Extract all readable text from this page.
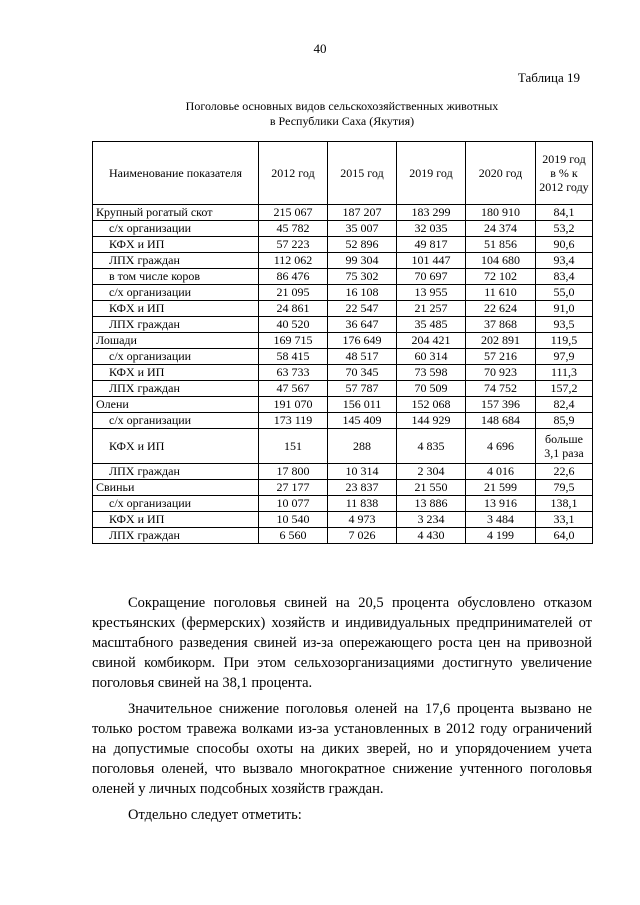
40
Таблица 19
Поголовье основных видов сельскохозяйственных животных
в Республики Саха (Якутия)
Наименование показателя	2012 год	2015 год	2019 год	2020 год	2019 год в % к 2012 году
Крупный рогатый скот	215 067	187 207	183 299	180 910	84,1
с/х организации	45 782	35 007	32 035	24 374	53,2
КФХ и ИП	57 223	52 896	49 817	51 856	90,6
ЛПХ граждан	112 062	99 304	101 447	104 680	93,4
в том числе коров	86 476	75 302	70 697	72 102	83,4
с/х организации	21 095	16 108	13 955	11 610	55,0
КФХ и ИП	24 861	22 547	21 257	22 624	91,0
ЛПХ граждан	40 520	36 647	35 485	37 868	93,5
Лошади	169 715	176 649	204 421	202 891	119,5
с/х организации	58 415	48 517	60 314	57 216	97,9
КФХ и ИП	63 733	70 345	73 598	70 923	111,3
ЛПХ граждан	47 567	57 787	70 509	74 752	157,2
Олени	191 070	156 011	152 068	157 396	82,4
с/х организации	173 119	145 409	144 929	148 684	85,9
КФХ и ИП	151	288	4 835	4 696	больше 3,1 раза
ЛПХ граждан	17 800	10 314	2 304	4 016	22,6
Свиньи	27 177	23 837	21 550	21 599	79,5
с/х организации	10 077	11 838	13 886	13 916	138,1
КФХ и ИП	10 540	4 973	3 234	3 484	33,1
ЛПХ граждан	6 560	7 026	4 430	4 199	64,0

Сокращение поголовья свиней на 20,5 процента обусловлено отказом крестьянских (фермерских) хозяйств и индивидуальных предпринимателей от масштабного разведения свиней из-за опережающего роста цен на привозной свиной комбикорм. При этом сельхозорганизациями достигнуто увеличение поголовья свиней на 38,1 процента.

Значительное снижение поголовья оленей на 17,6 процента вызвано не только ростом травежа волками из-за установленных в 2012 году ограничений на допустимые способы охоты на диких зверей, но и упорядочением учета поголовья оленей, что вызвало многократное снижение учтенного поголовья оленей у личных подсобных хозяйств граждан.

Отдельно следует отметить:
